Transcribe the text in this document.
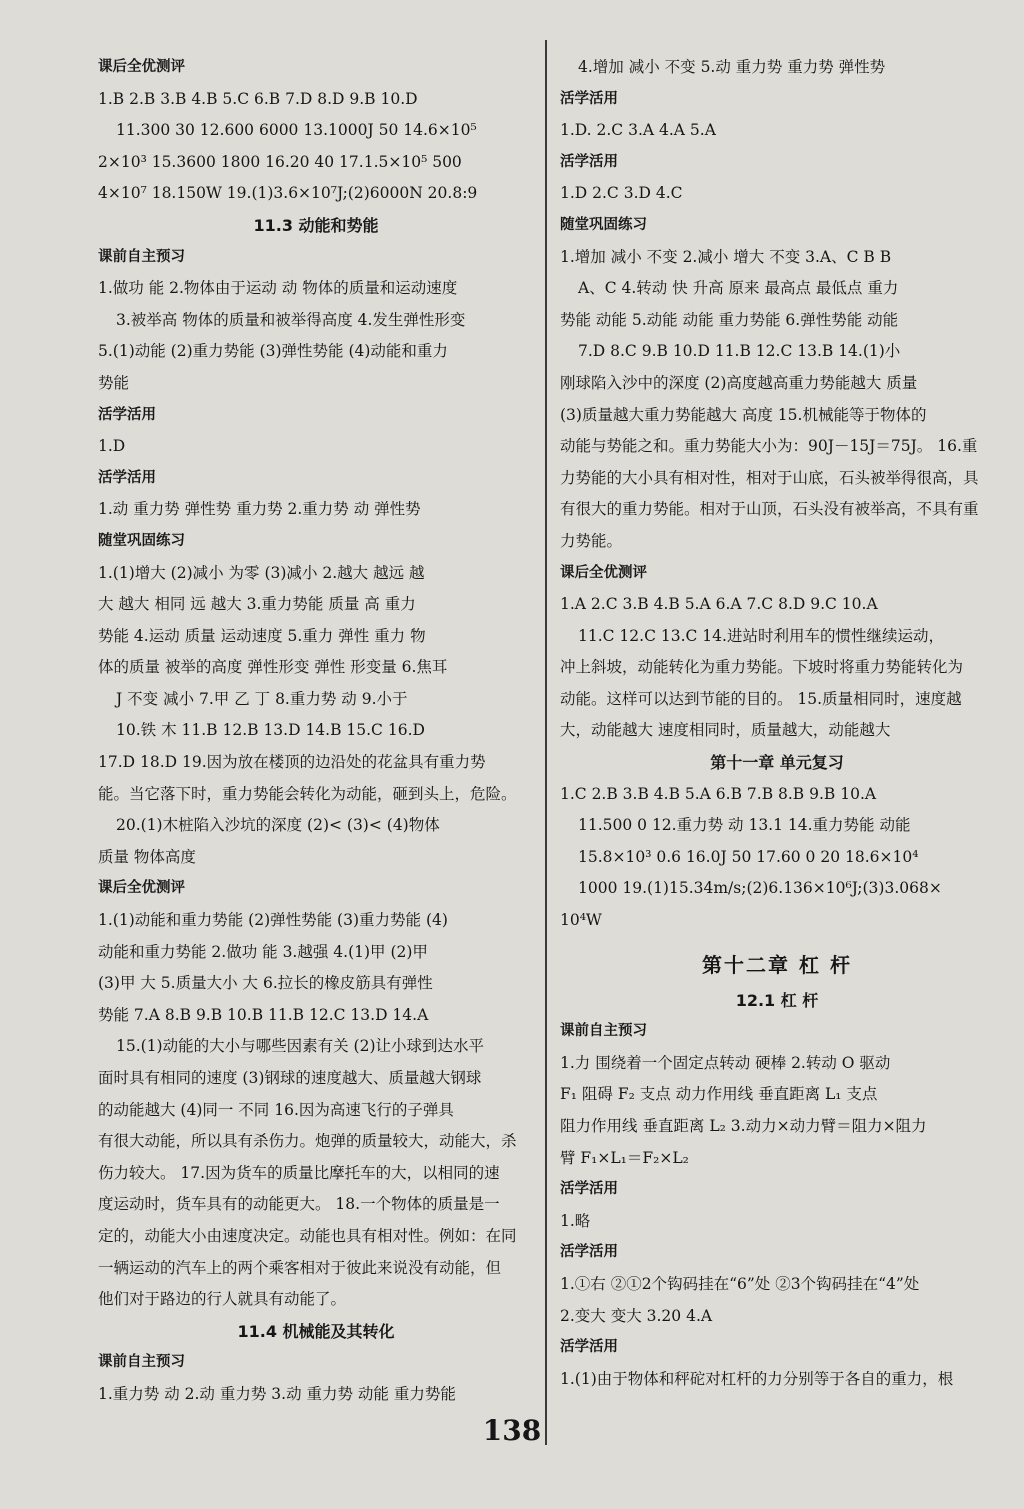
课后全优测评
1.B 2.B 3.B 4.B 5.C 6.B 7.D 8.D 9.B 10.D
11.300 30 12.600 6000 13.1000J 50 14.6×10⁵
2×10³ 15.3600 1800 16.20 40 17.1.5×10⁵ 500
4×10⁷ 18.150W 19.(1)3.6×10⁷J;(2)6000N 20.8:9
11.3 动能和势能
课前自主预习
1.做功 能 2.物体由于运动 动 物体的质量和运动速度
3.被举高 物体的质量和被举得高度 4.发生弹性形变
5.(1)动能 (2)重力势能 (3)弹性势能 (4)动能和重力
势能
活学活用
1.D
活学活用
1.动 重力势 弹性势 重力势 2.重力势 动 弹性势
随堂巩固练习
1.(1)增大 (2)减小 为零 (3)减小 2.越大 越远 越
大 越大 相同 远 越大 3.重力势能 质量 高 重力
势能 4.运动 质量 运动速度 5.重力 弹性 重力 物
体的质量 被举的高度 弹性形变 弹性 形变量 6.焦耳
J 不变 减小 7.甲 乙 丁 8.重力势 动 9.小于
10.铁 木 11.B 12.B 13.D 14.B 15.C 16.D
17.D 18.D 19.因为放在楼顶的边沿处的花盆具有重力势
能。当它落下时，重力势能会转化为动能，砸到头上，危险。
20.(1)木桩陷入沙坑的深度 (2)< (3)< (4)物体
质量 物体高度
课后全优测评
1.(1)动能和重力势能 (2)弹性势能 (3)重力势能 (4)
动能和重力势能 2.做功 能 3.越强 4.(1)甲 (2)甲
(3)甲 大 5.质量大小 大 6.拉长的橡皮筋具有弹性
势能 7.A 8.B 9.B 10.B 11.B 12.C 13.D 14.A
15.(1)动能的大小与哪些因素有关 (2)让小球到达水平
面时具有相同的速度 (3)钢球的速度越大、质量越大钢球
的动能越大 (4)同一 不同 16.因为高速飞行的子弹具
有很大动能，所以具有杀伤力。炮弹的质量较大，动能大，杀
伤力较大。 17.因为货车的质量比摩托车的大，以相同的速
度运动时，货车具有的动能更大。 18.一个物体的质量是一
定的，动能大小由速度决定。动能也具有相对性。例如：在同
一辆运动的汽车上的两个乘客相对于彼此来说没有动能，但
他们对于路边的行人就具有动能了。
11.4 机械能及其转化
课前自主预习
1.重力势 动 2.动 重力势 3.动 重力势 动能 重力势能
4.增加 减小 不变 5.动 重力势 重力势 弹性势
活学活用
1.D. 2.C 3.A 4.A 5.A
活学活用
1.D 2.C 3.D 4.C
随堂巩固练习
1.增加 减小 不变 2.减小 增大 不变 3.A、C B B
A、C 4.转动 快 升高 原来 最高点 最低点 重力
势能 动能 5.动能 动能 重力势能 6.弹性势能 动能
7.D 8.C 9.B 10.D 11.B 12.C 13.B 14.(1)小
刚球陷入沙中的深度 (2)高度越高重力势能越大 质量
(3)质量越大重力势能越大 高度 15.机械能等于物体的
动能与势能之和。重力势能大小为：90J－15J＝75J。 16.重
力势能的大小具有相对性，相对于山底，石头被举得很高，具
有很大的重力势能。相对于山顶，石头没有被举高，不具有重
力势能。
课后全优测评
1.A 2.C 3.B 4.B 5.A 6.A 7.C 8.D 9.C 10.A
11.C 12.C 13.C 14.进站时利用车的惯性继续运动，
冲上斜坡，动能转化为重力势能。下坡时将重力势能转化为
动能。这样可以达到节能的目的。 15.质量相同时，速度越
大，动能越大 速度相同时，质量越大，动能越大
第十一章 单元复习
1.C 2.B 3.B 4.B 5.A 6.B 7.B 8.B 9.B 10.A
11.500 0 12.重力势 动 13.1 14.重力势能 动能
15.8×10³ 0.6 16.0J 50 17.60 0 20 18.6×10⁴
1000 19.(1)15.34m/s;(2)6.136×10⁶J;(3)3.068×
10⁴W
第十二章 杠 杆
12.1 杠 杆
课前自主预习
1.力 围绕着一个固定点转动 硬棒 2.转动 O 驱动
F₁ 阻碍 F₂ 支点 动力作用线 垂直距离 L₁ 支点
阻力作用线 垂直距离 L₂ 3.动力×动力臂＝阻力×阻力
臂 F₁×L₁＝F₂×L₂
活学活用
1.略
活学活用
1.①右 ②①2个钩码挂在“6”处 ②3个钩码挂在“4”处
2.变大 变大 3.20 4.A
活学活用
1.(1)由于物体和秤砣对杠杆的力分别等于各自的重力，根
138
